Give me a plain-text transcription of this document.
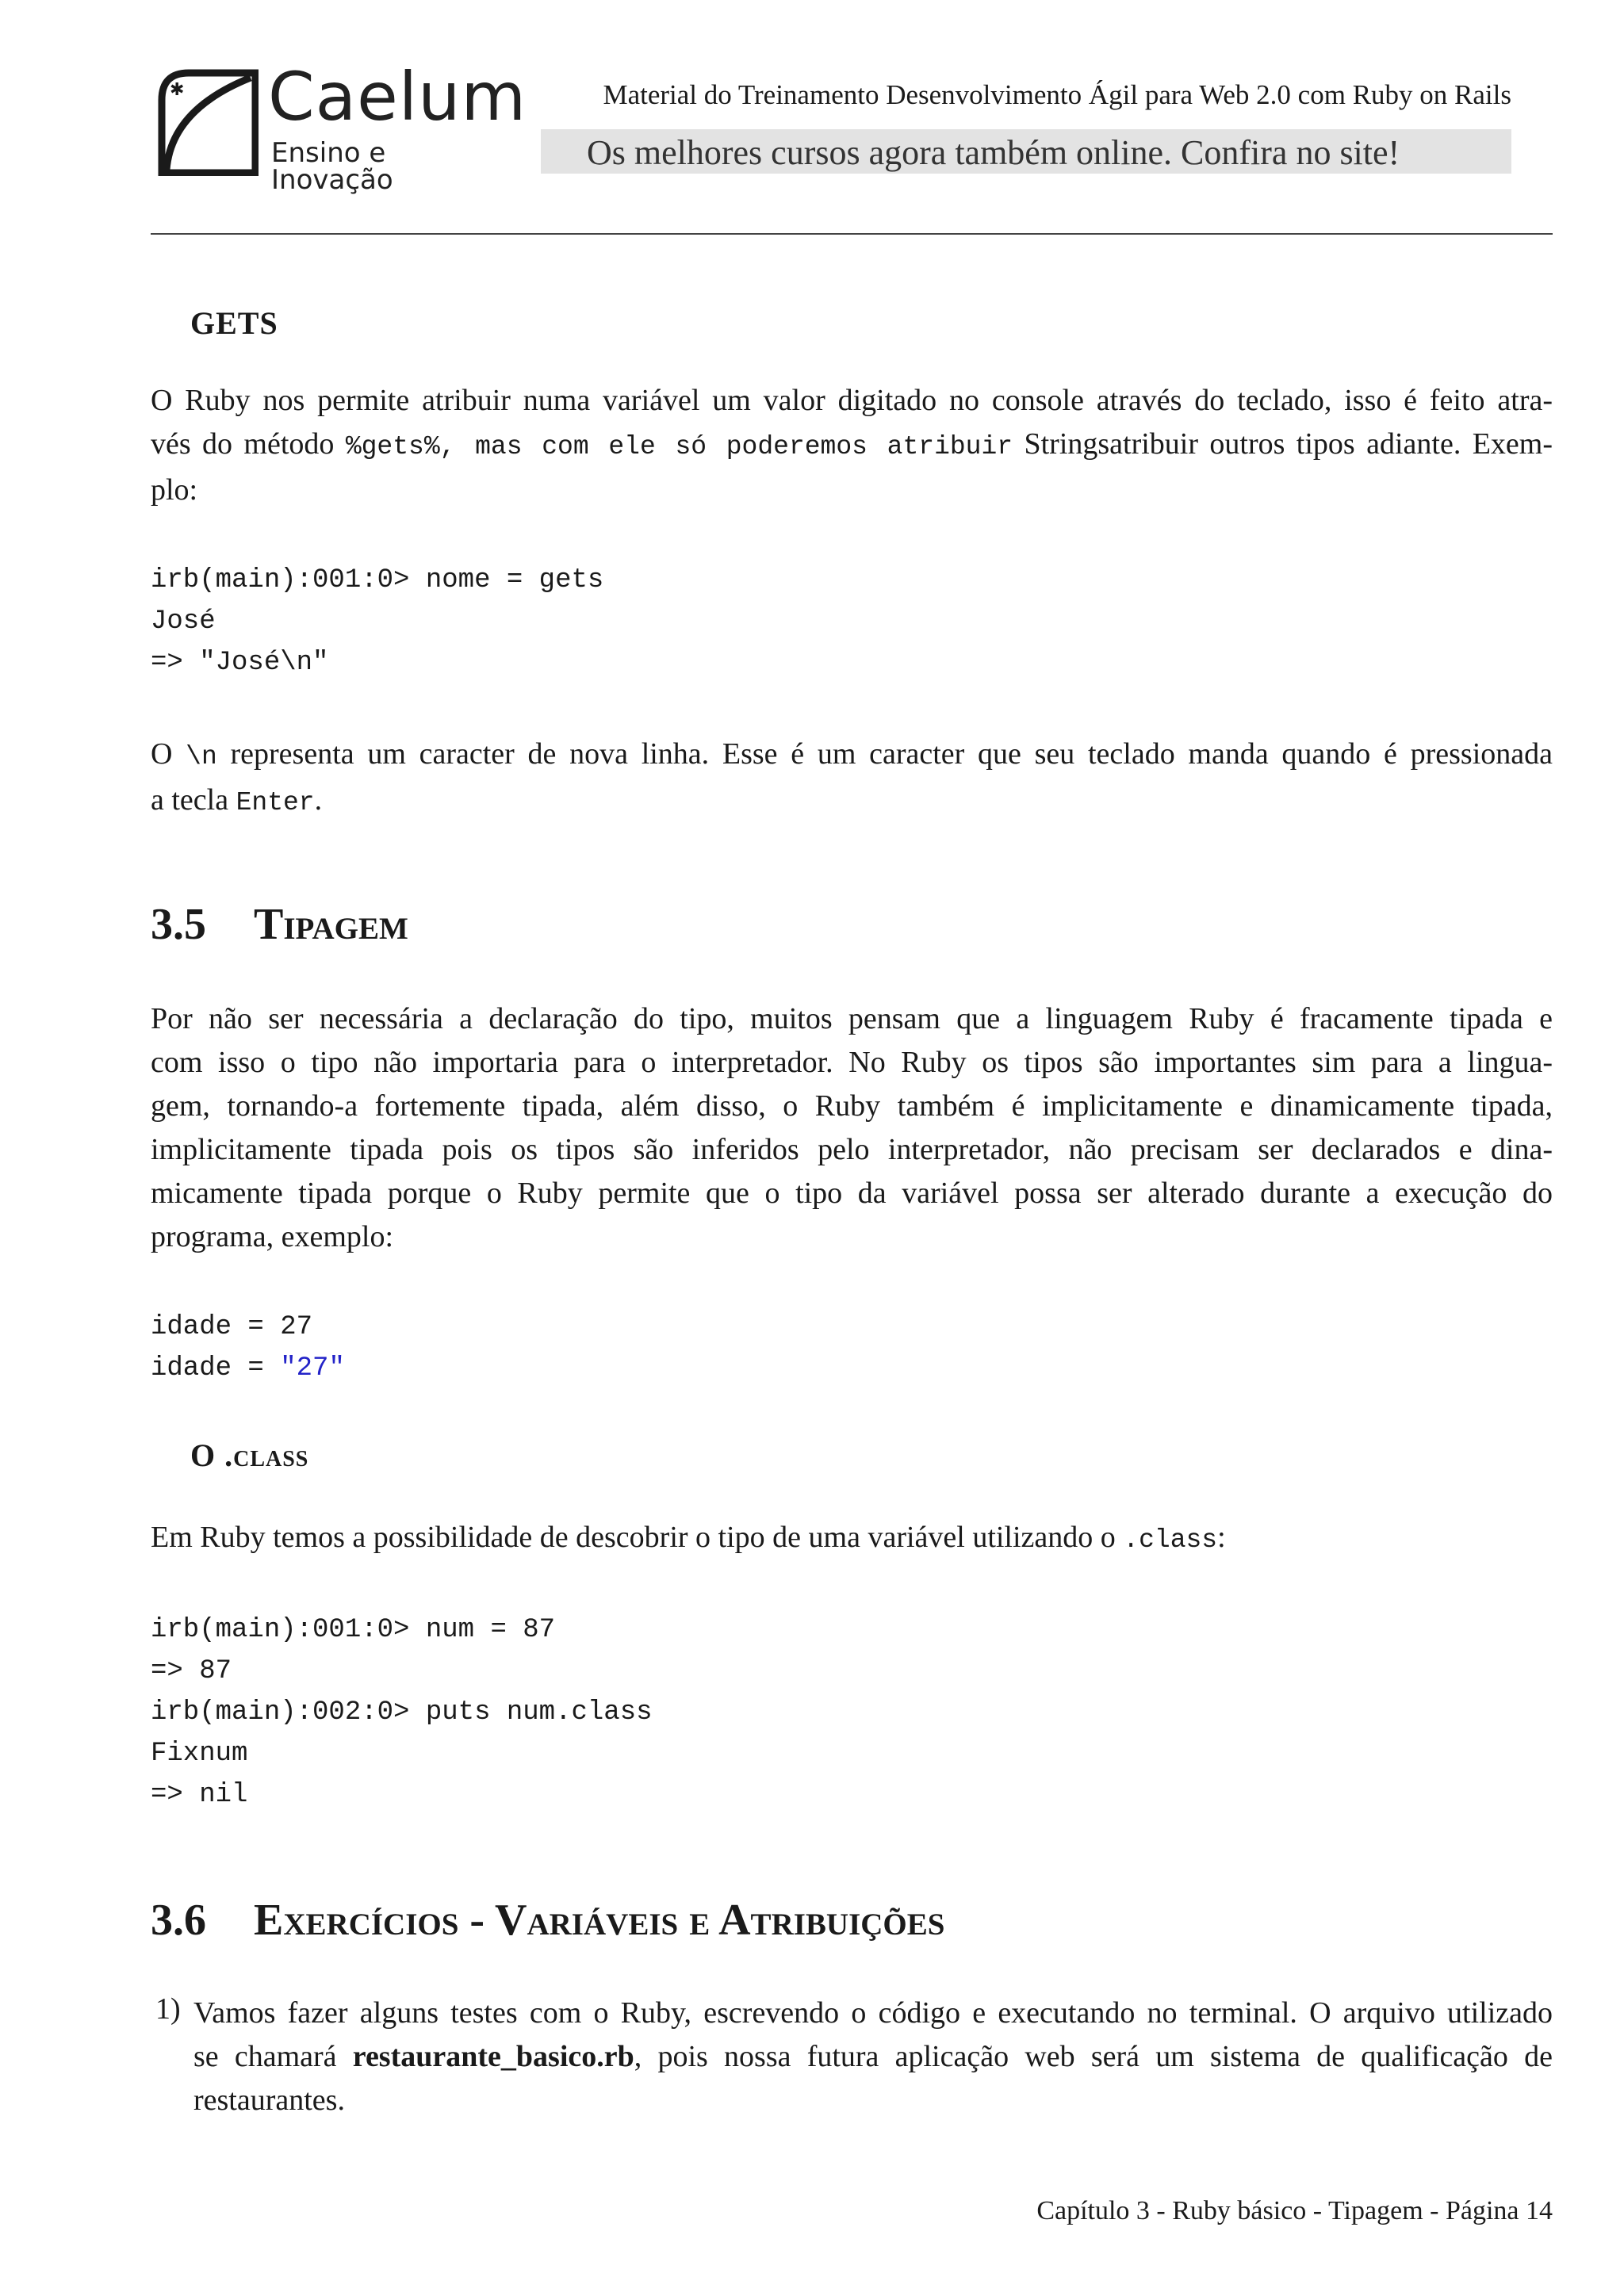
✱ Caelum
Ensino e Inovação
Material do Treinamento Desenvolvimento Ágil para Web 2.0 com Ruby on Rails
Os melhores cursos agora também online. Confira no site!
GETS
O Ruby nos permite atribuir numa variável um valor digitado no console através do teclado, isso é feito atra-
vés do método %gets%, mas com ele só poderemos atribuir Stringsatribuir outros tipos adiante. Exem-
plo:
irb(main):001:0> nome = gets
José
=> "José\n"
O \n representa um caracter de nova linha. Esse é um caracter que seu teclado manda quando é pressionada
a tecla Enter.
3.5 Tipagem
Por não ser necessária a declaração do tipo, muitos pensam que a linguagem Ruby é fracamente tipada e
com isso o tipo não importaria para o interpretador. No Ruby os tipos são importantes sim para a lingua-
gem, tornando-a fortemente tipada, além disso, o Ruby também é implicitamente e dinamicamente tipada,
implicitamente tipada pois os tipos são inferidos pelo interpretador, não precisam ser declarados e dina-
micamente tipada porque o Ruby permite que o tipo da variável possa ser alterado durante a execução do
programa, exemplo:
idade = 27
idade = "27"
O .class
Em Ruby temos a possibilidade de descobrir o tipo de uma variável utilizando o .class:
irb(main):001:0> num = 87
=> 87
irb(main):002:0> puts num.class
Fixnum
=> nil
3.6 Exercícios - Variáveis e Atribuições
1) Vamos fazer alguns testes com o Ruby, escrevendo o código e executando no terminal. O arquivo utilizado
se chamará restaurante_basico.rb, pois nossa futura aplicação web será um sistema de qualificação de
restaurantes.
Capítulo 3 - Ruby básico - Tipagem - Página 14
